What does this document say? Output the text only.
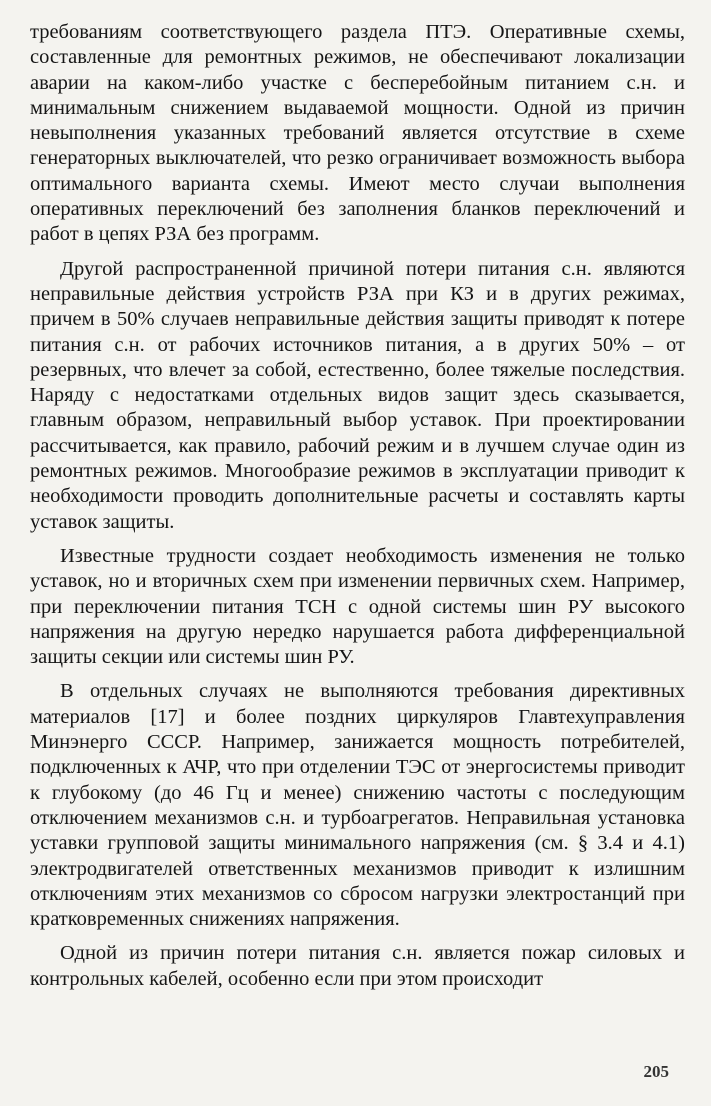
требованиям соответствующего раздела ПТЭ. Оперативные схемы, составленные для ремонтных режимов, не обеспечивают локализации аварии на каком-либо участке с бесперебойным питанием с.н. и минимальным снижением выдаваемой мощности. Одной из причин невыполнения указанных требований является отсутствие в схеме генераторных выключателей, что резко ограничивает возможность выбора оптимального варианта схемы. Имеют место случаи выполнения оперативных переключений без заполнения бланков переключений и работ в цепях РЗА без программ.

Другой распространенной причиной потери питания с.н. являются неправильные действия устройств РЗА при КЗ и в других режимах, причем в 50% случаев неправильные действия защиты приводят к потере питания с.н. от рабочих источников питания, а в других 50% – от резервных, что влечет за собой, естественно, более тяжелые последствия. Наряду с недостатками отдельных видов защит здесь сказывается, главным образом, неправильный выбор уставок. При проектировании рассчитывается, как правило, рабочий режим и в лучшем случае один из ремонтных режимов. Многообразие режимов в эксплуатации приводит к необходимости проводить дополнительные расчеты и составлять карты уставок защиты.

Известные трудности создает необходимость изменения не только уставок, но и вторичных схем при изменении первичных схем. Например, при переключении питания ТСН с одной системы шин РУ высокого напряжения на другую нередко нарушается работа дифференциальной защиты секции или системы шин РУ.

В отдельных случаях не выполняются требования директивных материалов [17] и более поздних циркуляров Главтехуправления Минэнерго СССР. Например, занижается мощность потребителей, подключенных к АЧР, что при отделении ТЭС от энергосистемы приводит к глубокому (до 46 Гц и менее) снижению частоты с последующим отключением механизмов с.н. и турбоагрегатов. Неправильная установка уставки групповой защиты минимального напряжения (см. § 3.4 и 4.1) электродвигателей ответственных механизмов приводит к излишним отключениям этих механизмов со сбросом нагрузки электростанций при кратковременных снижениях напряжения.

Одной из причин потери питания с.н. является пожар силовых и контрольных кабелей, особенно если при этом происходит

205
